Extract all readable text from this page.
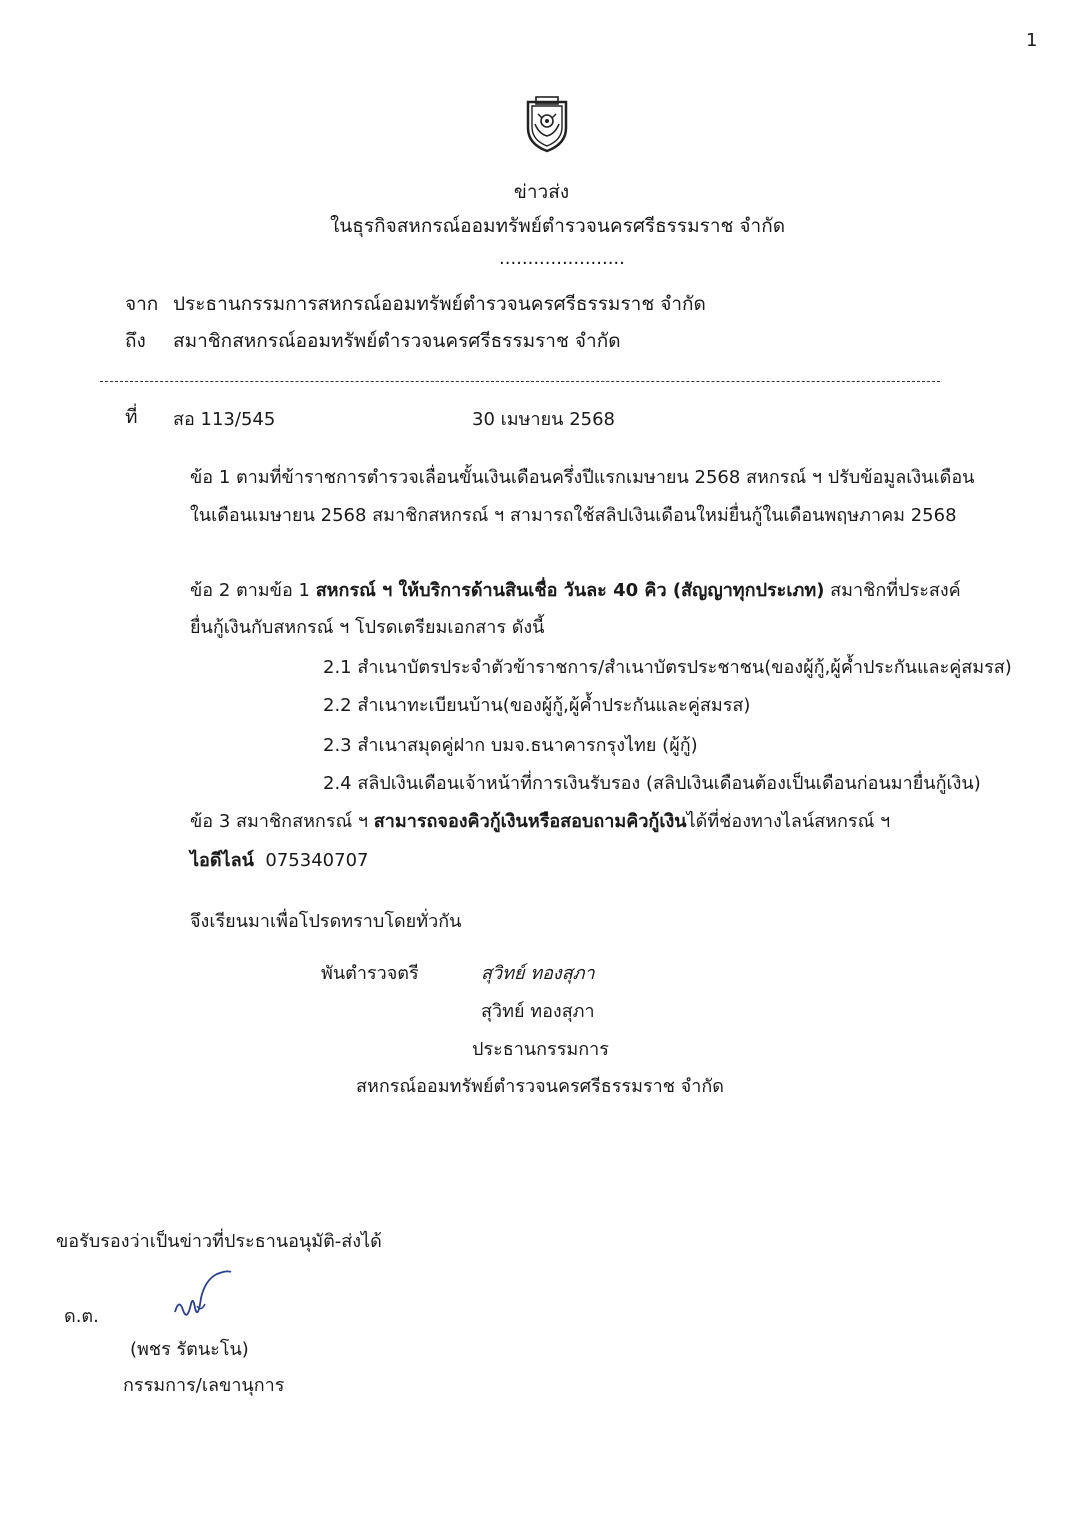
1
ข่าวส่ง
ในธุรกิจสหกรณ์ออมทรัพย์ตำรวจนครศรีธรรมราช จำกัด
......................
จาก ประธานกรรมการสหกรณ์ออมทรัพย์ตำรวจนครศรีธรรมราช จำกัด
ถึง สมาชิกสหกรณ์ออมทรัพย์ตำรวจนครศรีธรรมราช จำกัด
ที่ สอ 113/545	30 เมษายน 2568
ข้อ 1 ตามที่ข้าราชการตำรวจเลื่อนขั้นเงินเดือนครึ่งปีแรกเมษายน 2568 สหกรณ์ ฯ ปรับข้อมูลเงินเดือน
ในเดือนเมษายน 2568 สมาชิกสหกรณ์ ฯ สามารถใช้สลิปเงินเดือนใหม่ยื่นกู้ในเดือนพฤษภาคม 2568
ข้อ 2 ตามข้อ 1 สหกรณ์ ฯ ให้บริการด้านสินเชื่อ วันละ 40 คิว (สัญญาทุกประเภท) สมาชิกที่ประสงค์
ยื่นกู้เงินกับสหกรณ์ ฯ โปรดเตรียมเอกสาร ดังนี้
2.1 สำเนาบัตรประจำตัวข้าราชการ/สำเนาบัตรประชาชน(ของผู้กู้,ผู้ค้ำประกันและคู่สมรส)
2.2 สำเนาทะเบียนบ้าน(ของผู้กู้,ผู้ค้ำประกันและคู่สมรส)
2.3 สำเนาสมุดคู่ฝาก บมจ.ธนาคารกรุงไทย (ผู้กู้)
2.4 สลิปเงินเดือนเจ้าหน้าที่การเงินรับรอง (สลิปเงินเดือนต้องเป็นเดือนก่อนมายื่นกู้เงิน)
ข้อ 3 สมาชิกสหกรณ์ ฯ สามารถจองคิวกู้เงินหรือสอบถามคิวกู้เงินได้ที่ช่องทางไลน์สหกรณ์ ฯ
ไอดีไลน์ 075340707
จึงเรียนมาเพื่อโปรดทราบโดยทั่วกัน
พันตำรวจตรี	สุวิทย์ ทองสุภา
สุวิทย์ ทองสุภา
ประธานกรรมการ
สหกรณ์ออมทรัพย์ตำรวจนครศรีธรรมราช จำกัด
ขอรับรองว่าเป็นข่าวที่ประธานอนุมัติ-ส่งได้
ด.ต.
(พชร รัตนะโน)
กรรมการ/เลขานุการ
